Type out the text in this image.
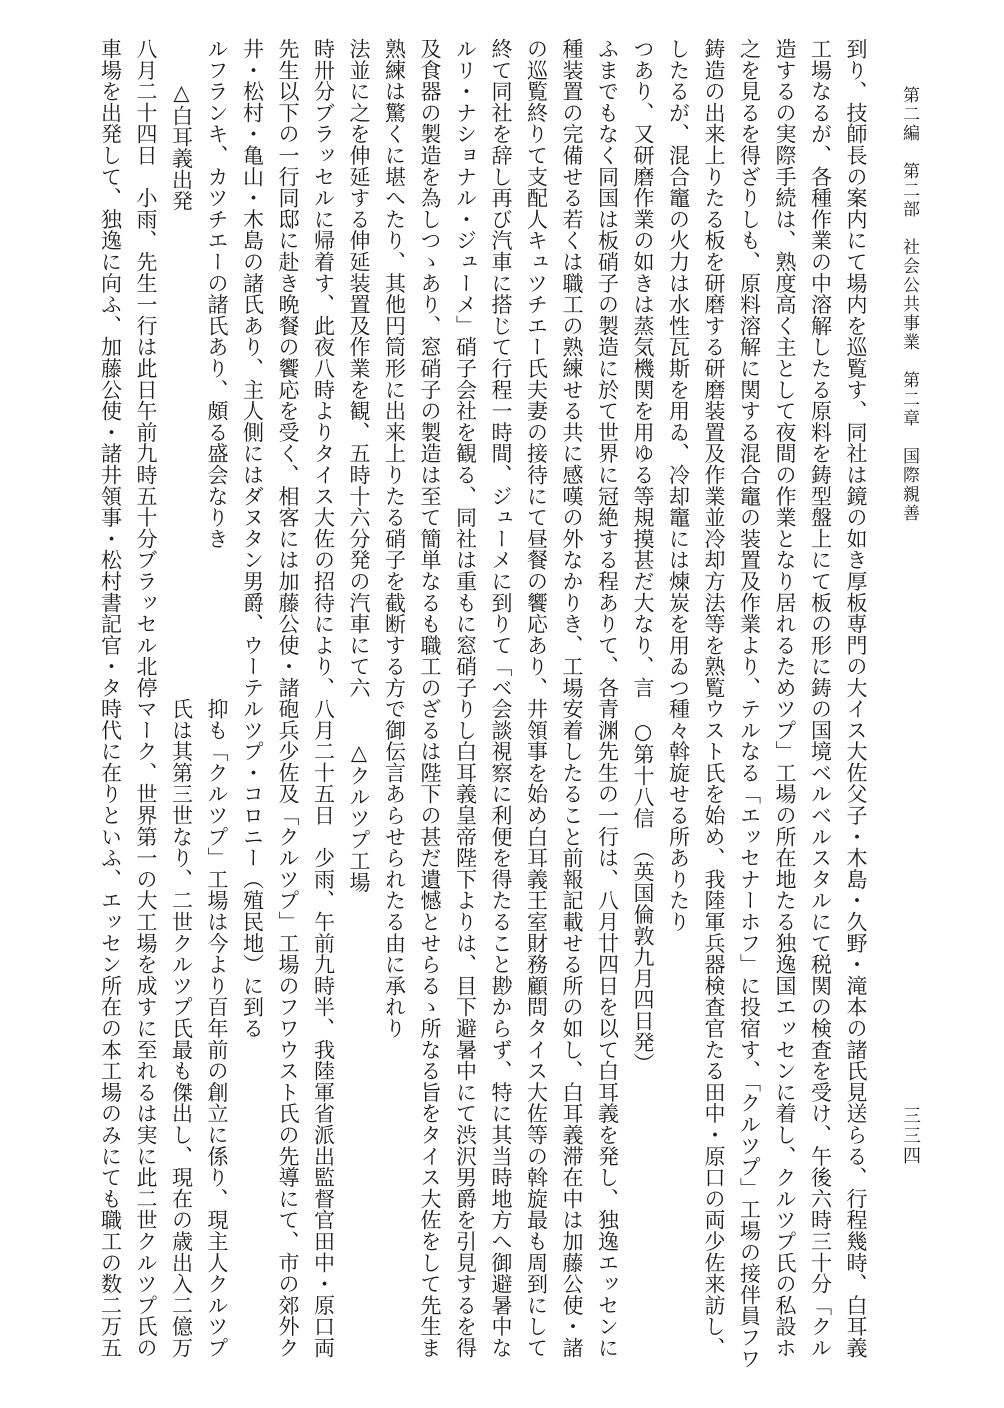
第二編　第二部　社会公共事業　第二章　国際親善
三三四
到り、技師長の案内にて場内を巡覧す、同社は鏡の如き厚板専門の大
工場なるが、各種作業の中溶解したる原料を鋳型盤上にて板の形に鋳
造するの実際手続は、熟度高く主として夜間の作業となり居れるため
之を見るを得ざりしも、原料溶解に関する混合竈の装置及作業より、
鋳造の出来上りたる板を研磨する研磨装置及作業並冷却方法等を熟覧
したるが、混合竈の火力は水性瓦斯を用ゐ、冷却竈には煉炭を用ゐつ
つあり、又研磨作業の如きは蒸気機関を用ゆる等規摸甚だ大なり、言
ふまでもなく同国は板硝子の製造に於て世界に冠絶する程ありて、各
種装置の完備せる若くは職工の熟練せる共に感嘆の外なかりき、工場
の巡覧終りて支配人キュツチエー氏夫妻の接待にて昼餐の饗応あり、
終て同社を辞し再び汽車に搭じて行程一時間、ジューメに到りて「ベ
ルリ・ナショナル・ジューメ」硝子会社を観る、同社は重もに窓硝子
及食器の製造を為しつゝあり、窓硝子の製造は至て簡単なるも職工の
熟練は驚くに堪へたり、其他円筒形に出来上りたる硝子を截断する方
法並に之を伸延する伸延装置及作業を観、五時十六分発の汽車にて六
時卅分ブラッセルに帰着す、此夜八時よりタイス大佐の招待により、
先生以下の一行同邸に赴き晩餐の饗応を受く、相客には加藤公使・諸
井・松村・亀山・木島の諸氏あり、主人側にはダヌタン男爵、ウーテ
ルフランキ、カツチエーの諸氏あり、頗る盛会なりき
　　△白耳義出発
八月二十四日　小雨、先生一行は此日午前九時五十分ブラッセル北停
車場を出発して、独逸に向ふ、加藤公使・諸井領事・松村書記官・タ
イス大佐父子・木島・久野・滝本の諸氏見送らる、行程幾時、白耳義
の国境ベルベルスタルにて税関の検査を受け、午後六時三十分「クル
ツプ」工場の所在地たる独逸国エッセンに着し、クルツプ氏の私設ホ
テルなる「エッセナーホフ」に投宿す、「クルツプ」工場の接伴員フワ
ウスト氏を始め、我陸軍兵器検査官たる田中・原口の両少佐来訪し、
種々斡旋せる所ありたり
　○第十八信　（英国倫敦九月四日発）
青渊先生の一行は、八月廿四日を以て白耳義を発し、独逸エッセンに
安着したること前報記載せる所の如し、白耳義滞在中は加藤公使・諸
井領事を始め白耳義王室財務顧問タイス大佐等の斡旋最も周到にして
会談視察に利便を得たること尠からず、特に其当時地方へ御避暑中な
りし白耳義皇帝陛下よりは、目下避暑中にて渋沢男爵を引見するを得
ざるは陛下の甚だ遺憾とせらるゝ所なる旨をタイス大佐をして先生ま
で御伝言あらせられたる由に承れり
　　△クルツプ工場
八月二十五日　少雨、午前九時半、我陸軍省派出監督官田中・原口両
砲兵少佐及「クルツプ」工場のフワウスト氏の先導にて、市の郊外ク
ルツプ・コロニー（殖民地）に到る
抑も「クルツプ」工場は今より百年前の創立に係り、現主人クルツプ
氏は其第三世なり、二世クルツプ氏最も傑出し、現在の歳出入二億万
マーク、世界第一の大工場を成すに至れるは実に此二世クルツプ氏の
時代に在りといふ、エッセン所在の本工場のみにても職工の数二万五
